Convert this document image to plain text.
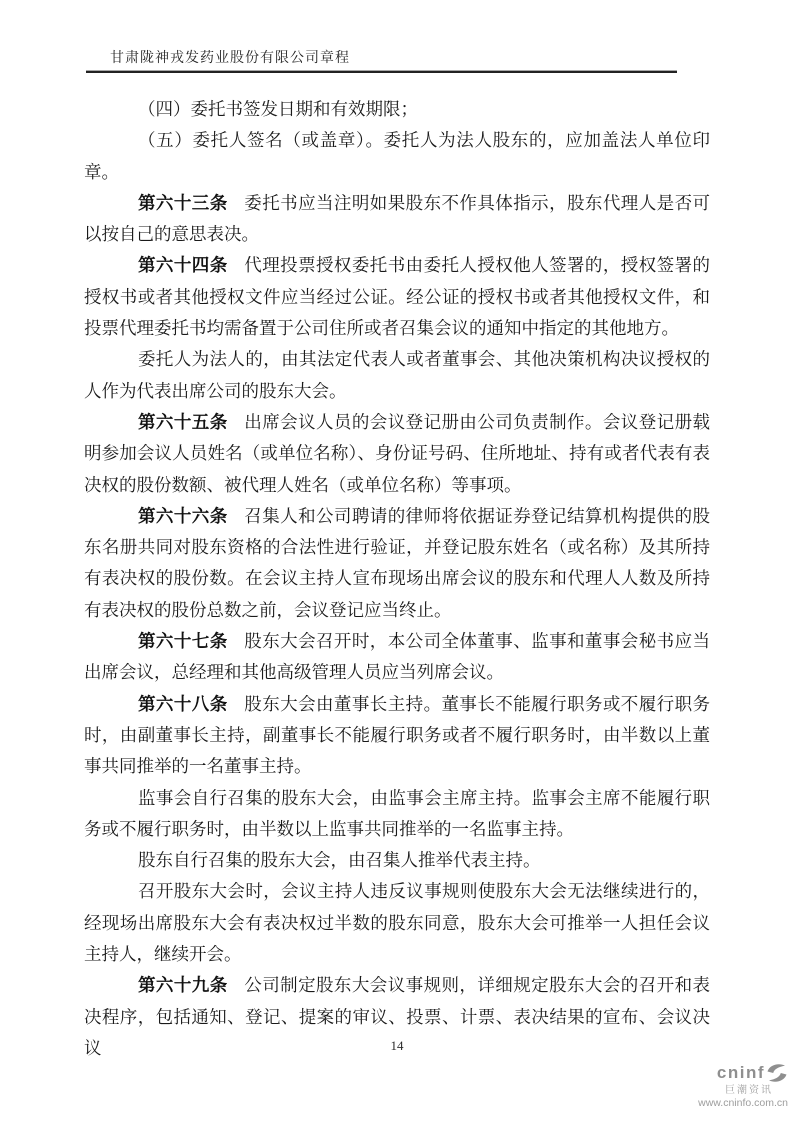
甘肃陇神戎发药业股份有限公司章程

（四）委托书签发日期和有效期限；

（五）委托人签名（或盖章）。委托人为法人股东的，应加盖法人单位印章。

第六十三条 委托书应当注明如果股东不作具体指示，股东代理人是否可以按自己的意思表决。

第六十四条 代理投票授权委托书由委托人授权他人签署的，授权签署的授权书或者其他授权文件应当经过公证。经公证的授权书或者其他授权文件，和投票代理委托书均需备置于公司住所或者召集会议的通知中指定的其他地方。

委托人为法人的，由其法定代表人或者董事会、其他决策机构决议授权的人作为代表出席公司的股东大会。

第六十五条 出席会议人员的会议登记册由公司负责制作。会议登记册载明参加会议人员姓名（或单位名称）、身份证号码、住所地址、持有或者代表有表决权的股份数额、被代理人姓名（或单位名称）等事项。

第六十六条 召集人和公司聘请的律师将依据证券登记结算机构提供的股东名册共同对股东资格的合法性进行验证，并登记股东姓名（或名称）及其所持有表决权的股份数。在会议主持人宣布现场出席会议的股东和代理人人数及所持有表决权的股份总数之前，会议登记应当终止。

第六十七条 股东大会召开时，本公司全体董事、监事和董事会秘书应当出席会议，总经理和其他高级管理人员应当列席会议。

第六十八条 股东大会由董事长主持。董事长不能履行职务或不履行职务时，由副董事长主持，副董事长不能履行职务或者不履行职务时，由半数以上董事共同推举的一名董事主持。

监事会自行召集的股东大会，由监事会主席主持。监事会主席不能履行职务或不履行职务时，由半数以上监事共同推举的一名监事主持。

股东自行召集的股东大会，由召集人推举代表主持。

召开股东大会时，会议主持人违反议事规则使股东大会无法继续进行的，经现场出席股东大会有表决权过半数的股东同意，股东大会可推举一人担任会议主持人，继续开会。

第六十九条 公司制定股东大会议事规则，详细规定股东大会的召开和表决程序，包括通知、登记、提案的审议、投票、计票、表决结果的宣布、会议决议	14
cninf
巨潮资讯
www.cninfo.com.cn
